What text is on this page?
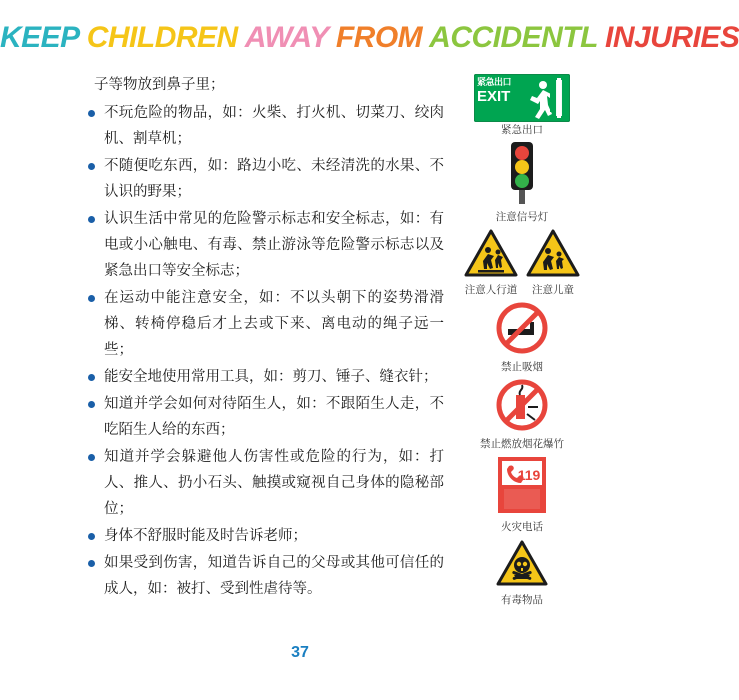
KEEP CHILDREN AWAY FROM ACCIDENTL INJURIES

子等物放到鼻子里；

不玩危险的物品，如：火柴、打火机、切菜刀、绞肉机、割草机；
不随便吃东西，如：路边小吃、未经清洗的水果、不认识的野果；
认识生活中常见的危险警示标志和安全标志，如：有电或小心触电、有毒、禁止游泳等危险警示标志以及紧急出口等安全标志；
在运动中能注意安全，如：不以头朝下的姿势滑滑梯、转椅停稳后才上去或下来、离电动的绳子远一些；
能安全地使用常用工具，如：剪刀、锤子、缝衣针；
知道并学会如何对待陌生人，如：不跟陌生人走，不吃陌生人给的东西；
知道并学会躲避他人伤害性或危险的行为，如：打人、推人、扔小石头、触摸或窥视自己身体的隐秘部位；
身体不舒服时能及时告诉老师；
如果受到伤害，知道告诉自己的父母或其他可信任的成人，如：被打、受到性虐待等。
紧急出口
EXIT
紧急出口
注意信号灯
注意人行道	注意儿童
禁止吸烟
禁止燃放烟花爆竹
119
火灾电话
有毒物品
37
